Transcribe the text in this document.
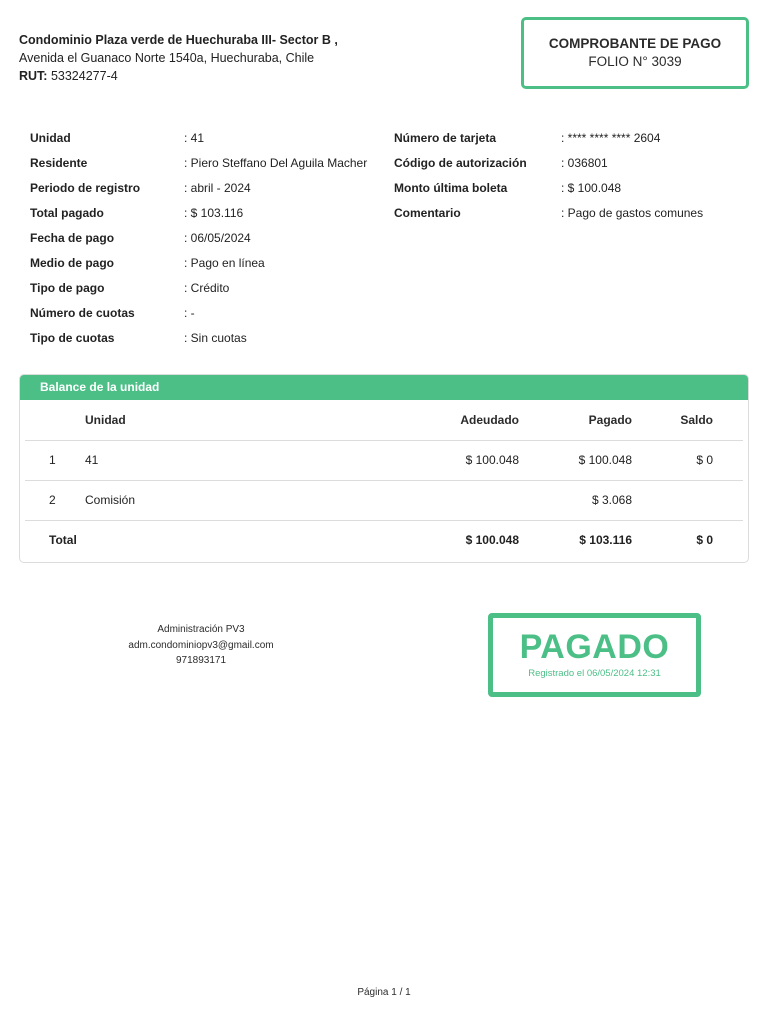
Condominio Plaza verde de Huechuraba III- Sector B ,
Avenida el Guanaco Norte 1540a, Huechuraba, Chile
RUT: 53324277-4
COMPROBANTE DE PAGO
FOLIO N° 3039
Unidad	: 41
Residente	: Piero Steffano Del Aguila Macher
Periodo de registro	: abril - 2024
Total pagado	: $ 103.116
Fecha de pago	: 06/05/2024
Medio de pago	: Pago en línea
Tipo de pago	: Crédito
Número de cuotas	: -
Tipo de cuotas	: Sin cuotas
Número de tarjeta	: **** **** **** 2604
Código de autorización	: 036801
Monto última boleta	: $ 100.048
Comentario	: Pago de gastos comunes
Balance de la unidad
	Unidad	Adeudado	Pagado	Saldo
1	41	$ 100.048	$ 100.048	$ 0
2	Comisión		$ 3.068	
Total		$ 100.048	$ 103.116	$ 0
Administración PV3
adm.condominiopv3@gmail.com
971893171	PAGADO
Registrado el 06/05/2024 12:31
Página 1 / 1
